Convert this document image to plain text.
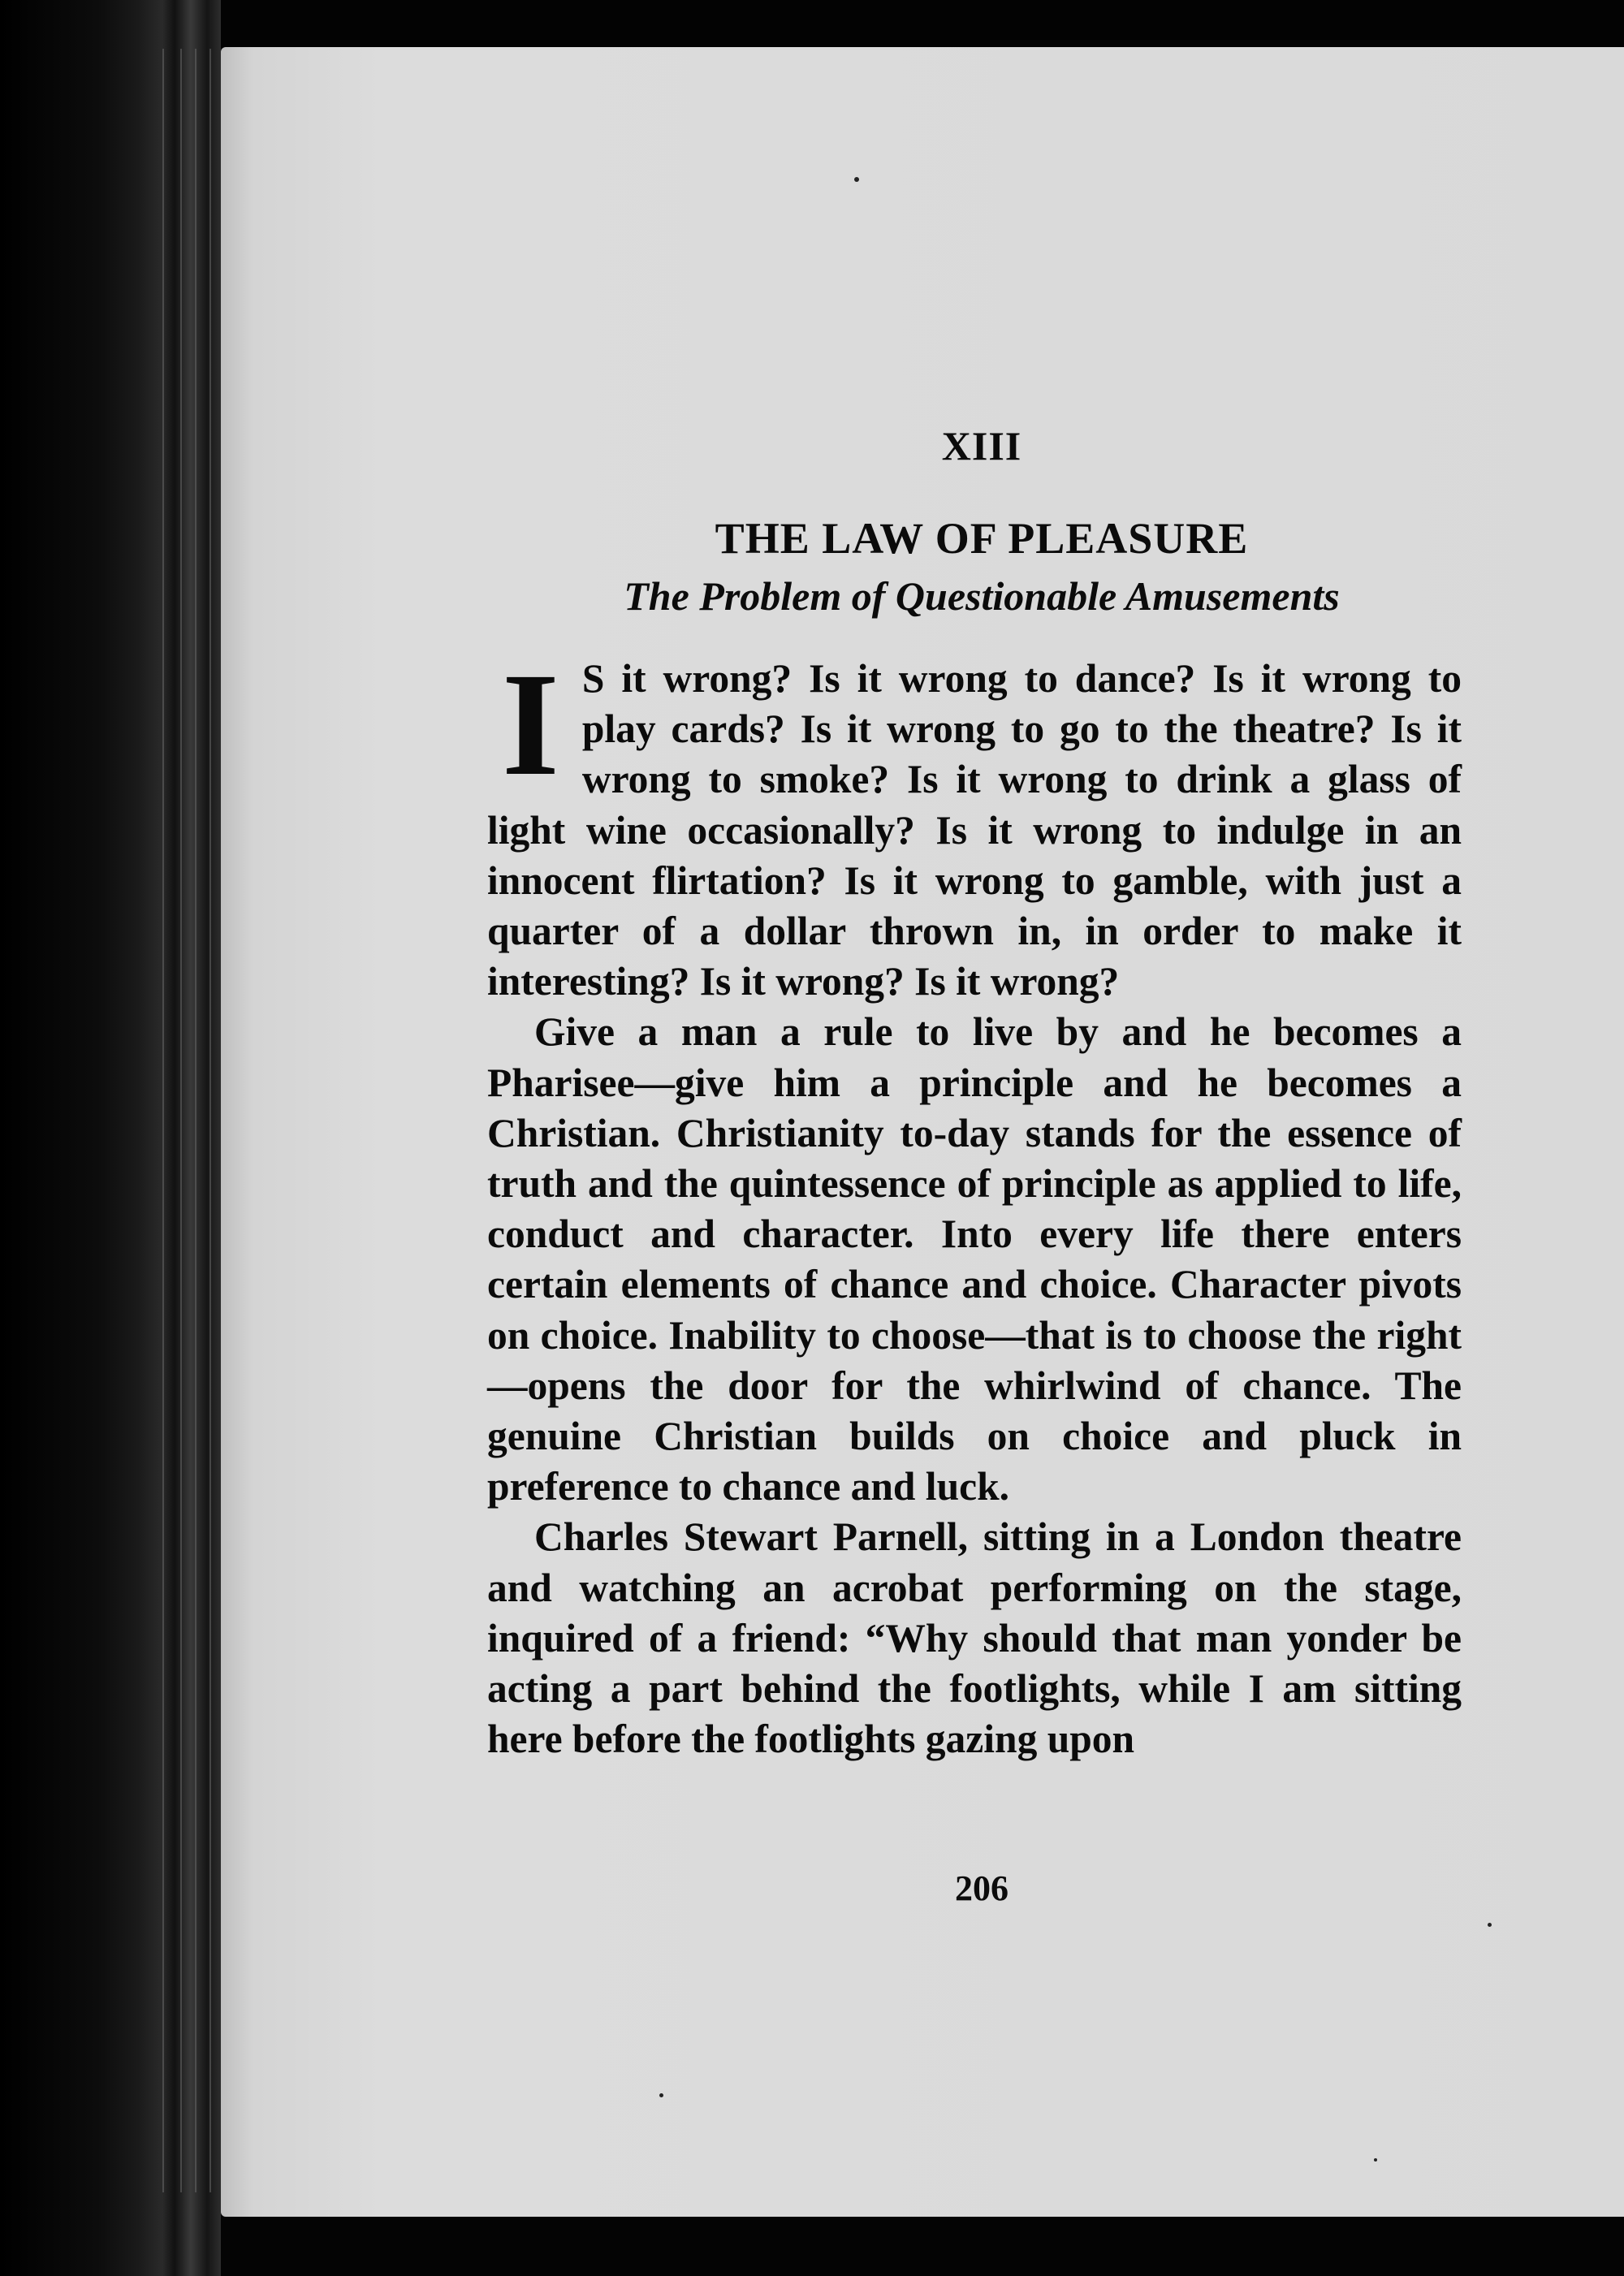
XIII
THE LAW OF PLEASURE
The Problem of Questionable Amusements

I S it wrong? Is it wrong to dance? Is it wrong to play cards? Is it wrong to go to the theatre? Is it wrong to smoke? Is it wrong to drink a glass of light wine occasionally? Is it wrong to indulge in an innocent flirtation? Is it wrong to gamble, with just a quarter of a dollar thrown in, in order to make it interesting? Is it wrong? Is it wrong?

Give a man a rule to live by and he becomes a Pharisee—give him a principle and he becomes a Christian. Christianity to-day stands for the essence of truth and the quintessence of principle as applied to life, conduct and character. Into every life there enters certain elements of chance and choice. Character pivots on choice. Inability to choose—that is to choose the right—opens the door for the whirlwind of chance. The genuine Christian builds on choice and pluck in preference to chance and luck.

Charles Stewart Parnell, sitting in a London theatre and watching an acrobat performing on the stage, inquired of a friend: “Why should that man yonder be acting a part behind the footlights, while I am sitting here before the footlights gazing upon

206
